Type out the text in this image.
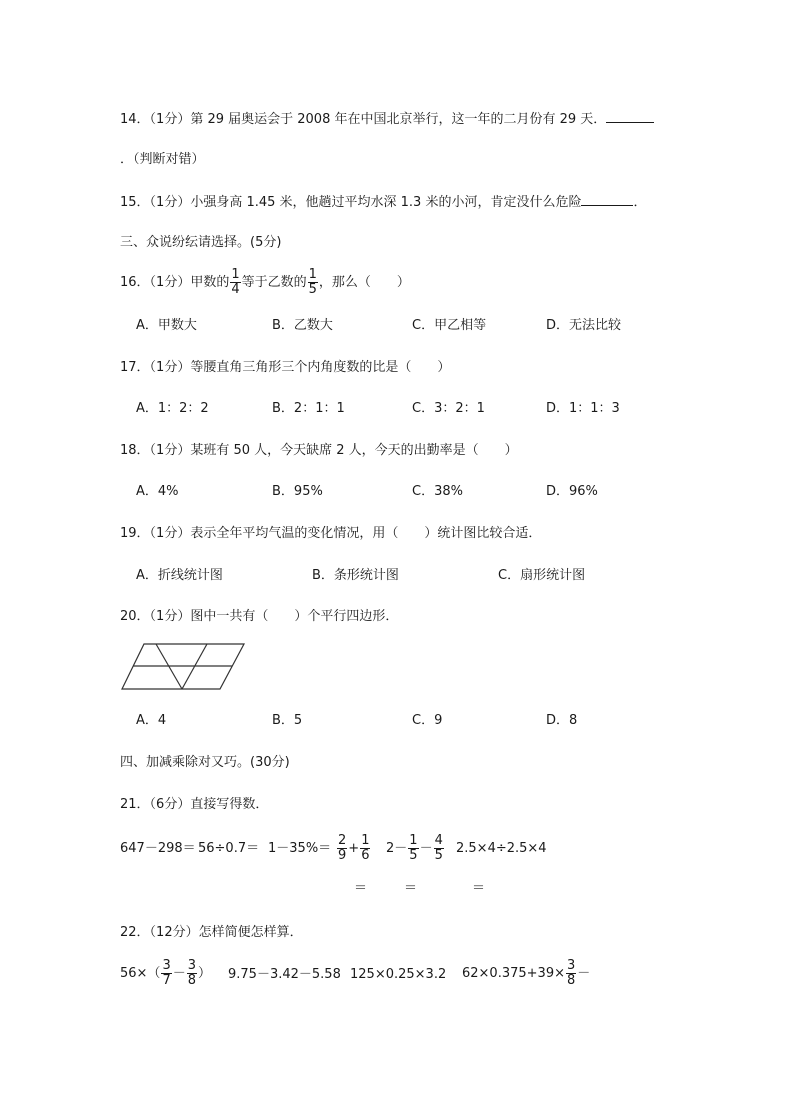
14．（1分）第 29 届奥运会于 2008 年在中国北京举行，这一年的二月份有 29 天．
．（判断对错）
15．（1分）小强身高 1.45 米，他趟过平均水深 1.3 米的小河，肯定没什么危险	．
三、众说纷纭请选择。(5分)
16．（1分）甲数的 $\frac{1}{4}$ 等于乙数的 $\frac{1}{5}$ ，那么（　　）
A．甲数大	B．乙数大	C．甲乙相等	D．无法比较
17．（1分）等腰直角三角形三个内角度数的比是（　　）
A．1：2：2	B．2：1：1	C．3：2：1	D．1：1：3
18．（1分）某班有 50 人，今天缺席 2 人，今天的出勤率是（　　）
A．4%	B．95%	C．38%	D．96%
19．（1分）表示全年平均气温的变化情况，用（　　）统计图比较合适．
A．折线统计图	B．条形统计图	C．扇形统计图
20．（1分）图中一共有（　　）个平行四边形．
A．4	B．5	C．9	D．8
四、加减乘除对又巧。(30分)
21．（6分）直接写得数．
$647-298= 56\div 0.7= 1-35\%= \frac{2}{9} + \frac{1}{6} 2- \frac{1}{5} - \frac{4}{5} 2.5\times 4\div 2.5\times 4$
＝	＝	＝
22．（12分）怎样简便怎样算．
$56\times( \frac{3}{7} - \frac{3}{8}$ ） 9.75－3.42－5.58 125×0.25×3.2 $62\times 0.375+39\times \frac{3}{8}$ －
